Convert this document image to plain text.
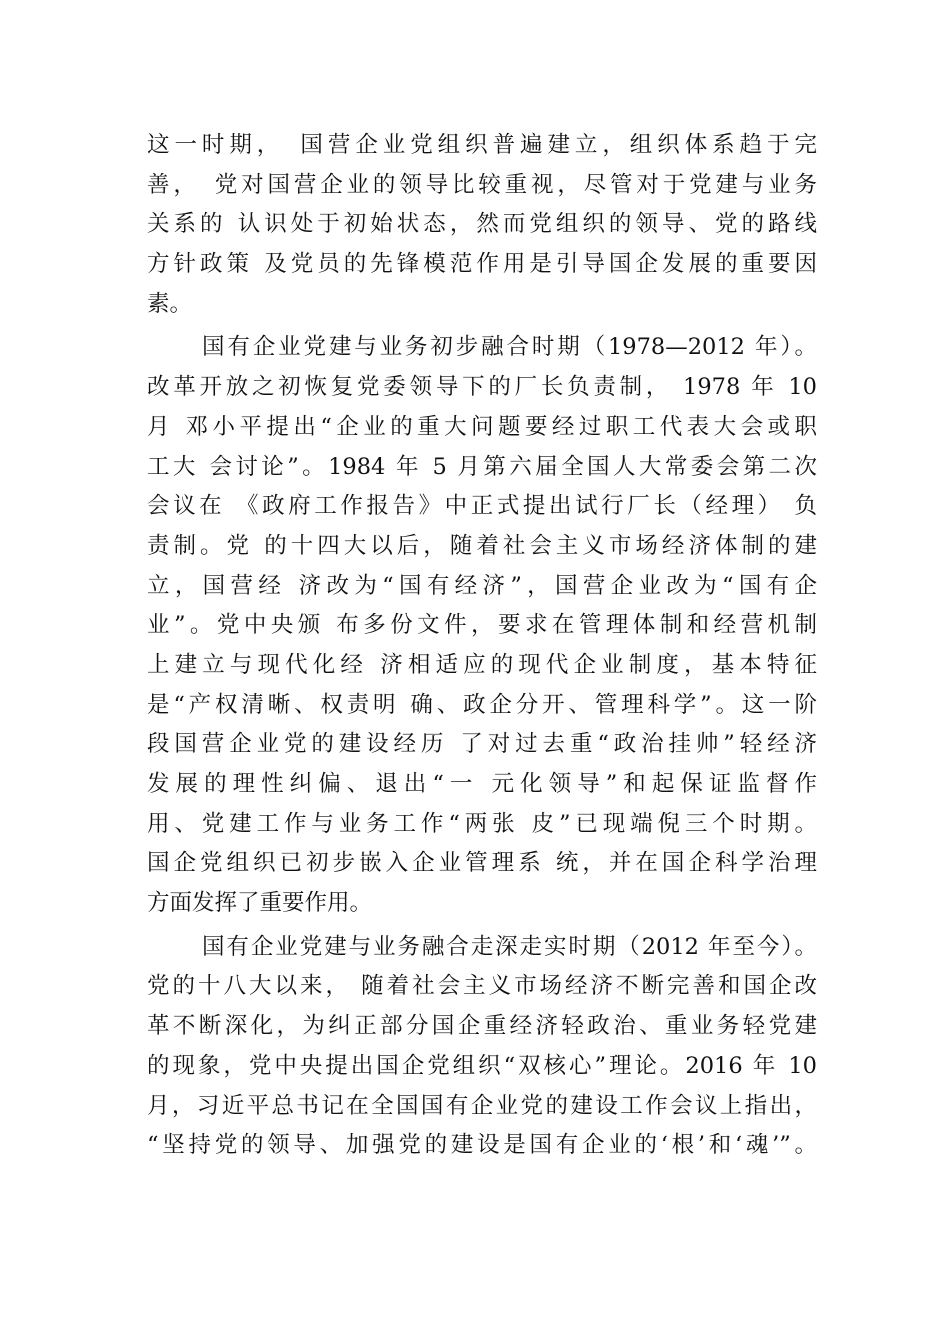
这一时期，　国营企业党组织普遍建立，组织体系趋于完
善，　党对国营企业的领导比较重视，尽管对于党建与业务
关系的 认识处于初始状态，然而党组织的领导、党的路线
方针政策 及党员的先锋模范作用是引导国企发展的重要因
素。
国有企业党建与业务初步融合时期（1978—2012 年）。
改革开放之初恢复党委领导下的厂长负责制， 1978 年 10
月 邓小平提出“企业的重大问题要经过职工代表大会或职
工大 会讨论”。1984 年 5 月第六届全国人大常委会第二次
会议在 《政府工作报告》中正式提出试行厂长（经理） 负
责制。党 的十四大以后，随着社会主义市场经济体制的建
立，国营经 济改为“国有经济”，国营企业改为“国有企
业”。党中央颁 布多份文件，要求在管理体制和经营机制
上建立与现代化经 济相适应的现代企业制度，基本特征
是“产权清晰、权责明 确、政企分开、管理科学”。这一阶
段国营企业党的建设经历 了对过去重“政治挂帅”轻经济
发展的理性纠偏、退出“一 元化领导”和起保证监督作
用、党建工作与业务工作“两张 皮”已现端倪三个时期。
国企党组织已初步嵌入企业管理系 统，并在国企科学治理
方面发挥了重要作用。
国有企业党建与业务融合走深走实时期（2012 年至今）。
党的十八大以来， 随着社会主义市场经济不断完善和国企改
革不断深化，为纠正部分国企重经济轻政治、重业务轻党建
的现象，党中央提出国企党组织“双核心”理论。2016 年 10
月，习近平总书记在全国国有企业党的建设工作会议上指出，
“坚持党的领导、加强党的建设是国有企业的‘根’和‘魂’”。
